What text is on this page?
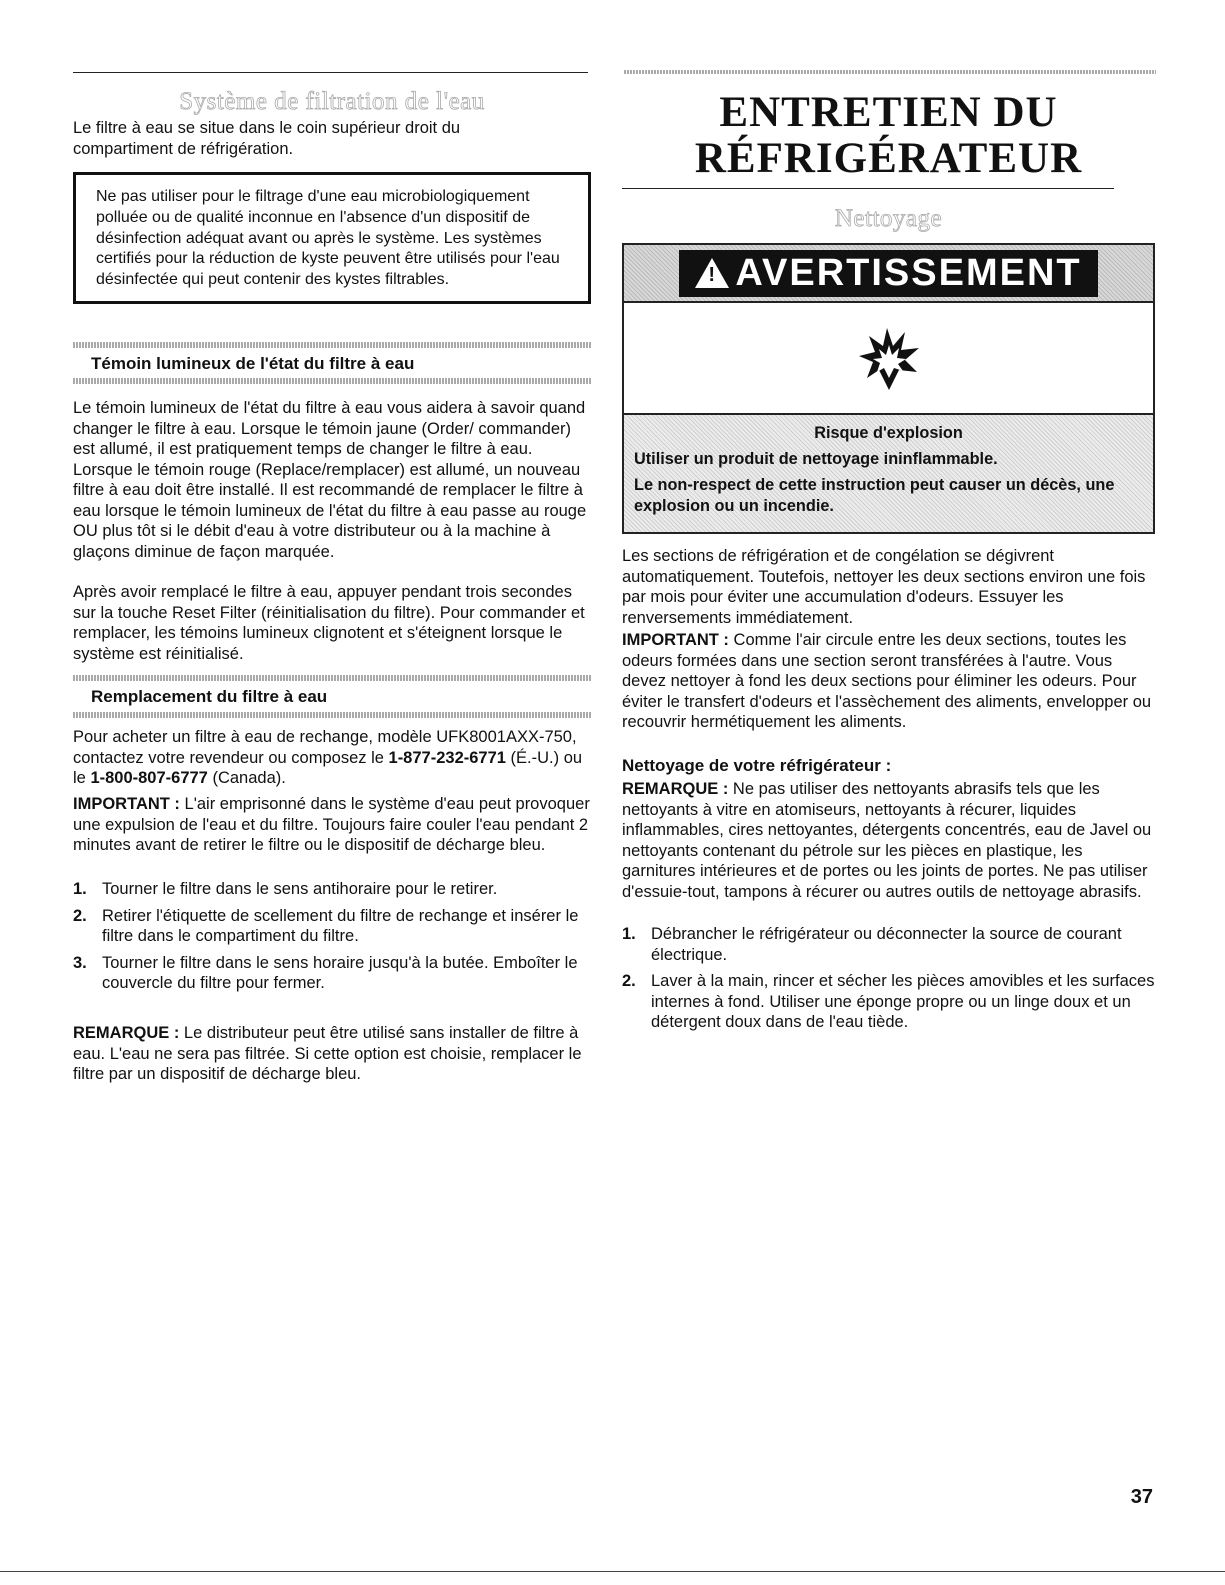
Système de filtration de l'eau

Le filtre à eau se situe dans le coin supérieur droit du compartiment de réfrigération.

Ne pas utiliser pour le filtrage d'une eau microbiologiquement polluée ou de qualité inconnue en l'absence d'un dispositif de désinfection adéquat avant ou après le système. Les systèmes certifiés pour la réduction de kyste peuvent être utilisés pour l'eau désinfectée qui peut contenir des kystes filtrables.

Témoin lumineux de l'état du filtre à eau

Le témoin lumineux de l'état du filtre à eau vous aidera à savoir quand changer le filtre à eau. Lorsque le témoin jaune (Order/ commander) est allumé, il est pratiquement temps de changer le filtre à eau. Lorsque le témoin rouge (Replace/remplacer) est allumé, un nouveau filtre à eau doit être installé. Il est recommandé de remplacer le filtre à eau lorsque le témoin lumineux de l'état du filtre à eau passe au rouge OU plus tôt si le débit d'eau à votre distributeur ou à la machine à glaçons diminue de façon marquée.

Après avoir remplacé le filtre à eau, appuyer pendant trois secondes sur la touche Reset Filter (réinitialisation du filtre). Pour commander et remplacer, les témoins lumineux clignotent et s'éteignent lorsque le système est réinitialisé.

Remplacement du filtre à eau

Pour acheter un filtre à eau de rechange, modèle UFK8001AXX-750, contactez votre revendeur ou composez le 1-877-232-6771 (É.-U.) ou le 1-800-807-6777 (Canada).

IMPORTANT : L'air emprisonné dans le système d'eau peut provoquer une expulsion de l'eau et du filtre. Toujours faire couler l'eau pendant 2 minutes avant de retirer le filtre ou le dispositif de décharge bleu.

1. Tourner le filtre dans le sens antihoraire pour le retirer.
2. Retirer l'étiquette de scellement du filtre de rechange et insérer le filtre dans le compartiment du filtre.
3. Tourner le filtre dans le sens horaire jusqu'à la butée. Emboîter le couvercle du filtre pour fermer.

REMARQUE : Le distributeur peut être utilisé sans installer de filtre à eau. L'eau ne sera pas filtrée. Si cette option est choisie, remplacer le filtre par un dispositif de décharge bleu.

ENTRETIEN DU
RÉFRIGÉRATEUR
Nettoyage
! AVERTISSEMENT

Risque d'explosion

Utiliser un produit de nettoyage ininflammable.

Le non-respect de cette instruction peut causer un décès, une explosion ou un incendie.

Les sections de réfrigération et de congélation se dégivrent automatiquement. Toutefois, nettoyer les deux sections environ une fois par mois pour éviter une accumulation d'odeurs. Essuyer les renversements immédiatement.

IMPORTANT : Comme l'air circule entre les deux sections, toutes les odeurs formées dans une section seront transférées à l'autre. Vous devez nettoyer à fond les deux sections pour éliminer les odeurs. Pour éviter le transfert d'odeurs et l'assèchement des aliments, envelopper ou recouvrir hermétiquement les aliments.

Nettoyage de votre réfrigérateur :

REMARQUE : Ne pas utiliser des nettoyants abrasifs tels que les nettoyants à vitre en atomiseurs, nettoyants à récurer, liquides inflammables, cires nettoyantes, détergents concentrés, eau de Javel ou nettoyants contenant du pétrole sur les pièces en plastique, les garnitures intérieures et de portes ou les joints de portes. Ne pas utiliser d'essuie-tout, tampons à récurer ou autres outils de nettoyage abrasifs.

1. Débrancher le réfrigérateur ou déconnecter la source de courant électrique.
2. Laver à la main, rincer et sécher les pièces amovibles et les surfaces internes à fond. Utiliser une éponge propre ou un linge doux et un détergent doux dans de l'eau tiède.
37
